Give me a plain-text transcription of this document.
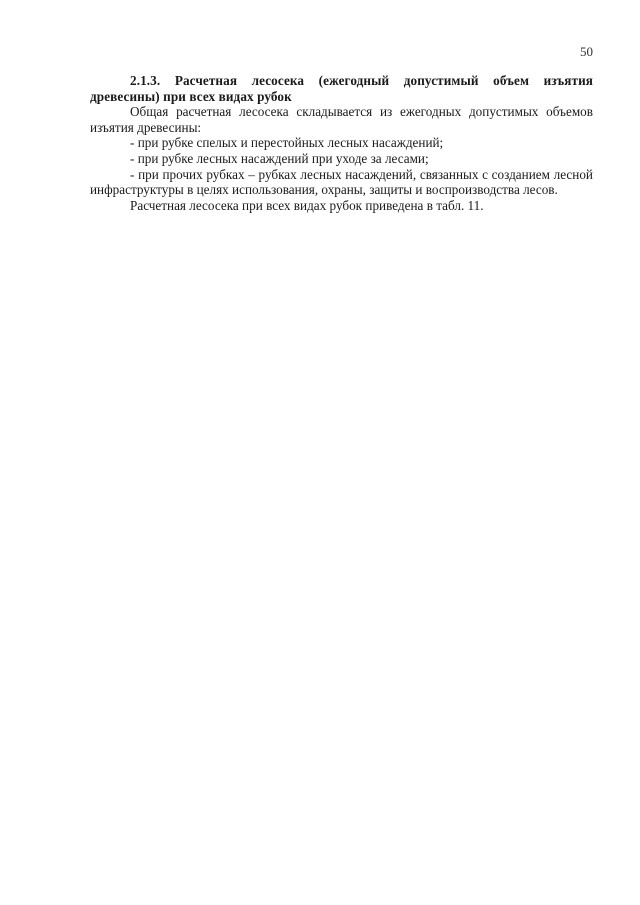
50

2.1.3. Расчетная лесосека (ежегодный допустимый объем изъятия древесины) при всех видах рубок

Общая расчетная лесосека складывается из ежегодных допустимых объемов изъятия древесины:

- при рубке спелых и перестойных лесных насаждений;

- при рубке лесных насаждений при уходе за лесами;

- при прочих рубках – рубках лесных насаждений, связанных с созданием лесной инфраструктуры в целях использования, охраны, защиты и воспроизводства лесов.

Расчетная лесосека при всех видах рубок приведена в табл. 11.
